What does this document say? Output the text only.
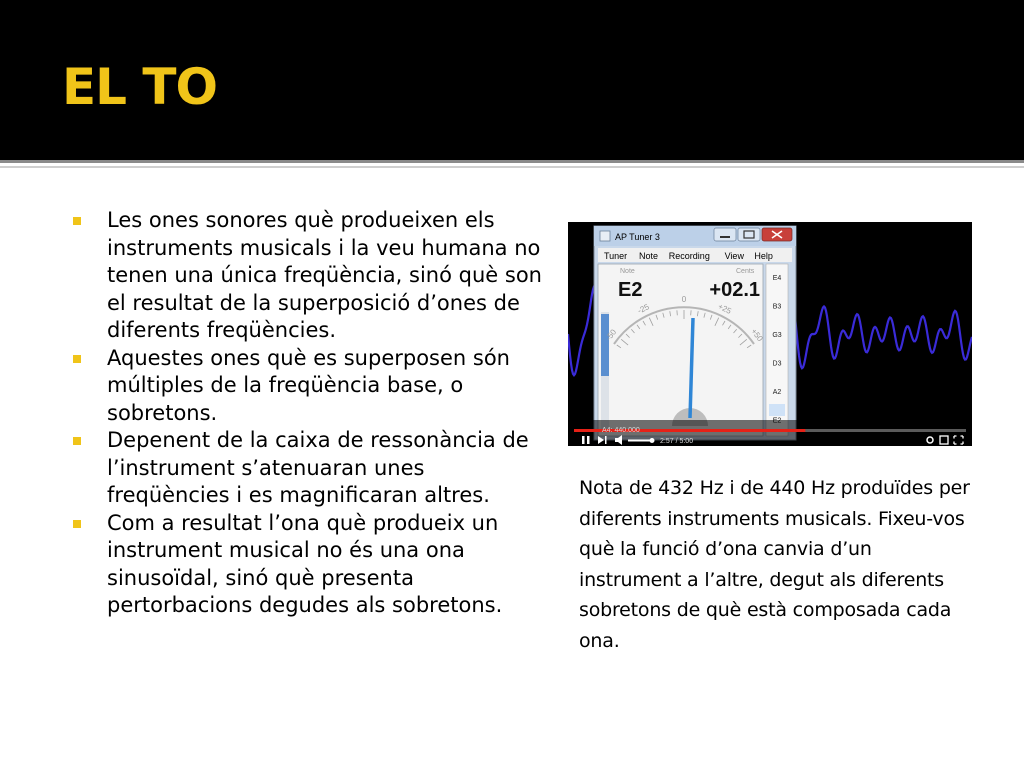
EL TO
Les ones sonores què produeixen els instruments musicals i la veu humana no tenen una única freqüència, sinó què son el resultat de la superposició d’ones de diferents freqüències.
Aquestes ones què es superposen són múltiples de la freqüència base, o sobretons.
Depenent de la caixa de ressonància de l’instrument s’atenuaran unes freqüències i es magnificaran altres.
Com a resultat l’ona què produeix un instrument musical no és una ona sinusoïdal, sinó què presenta pertorbacions degudes als sobretons.
AP Tuner 3
Tuner Note Recording View Help
Note	Cents
E2	+02.1
-50
-25
0
+25
+50
E4
B3
G3
D3
A2
A4: 440.000
2:57 / 5:00
Nota de 432 Hz i de 440 Hz produïdes per diferents instruments musicals. Fixeu-vos què la funció d’ona canvia d’un instrument a l’altre, degut als diferents sobretons de què està composada cada ona.
